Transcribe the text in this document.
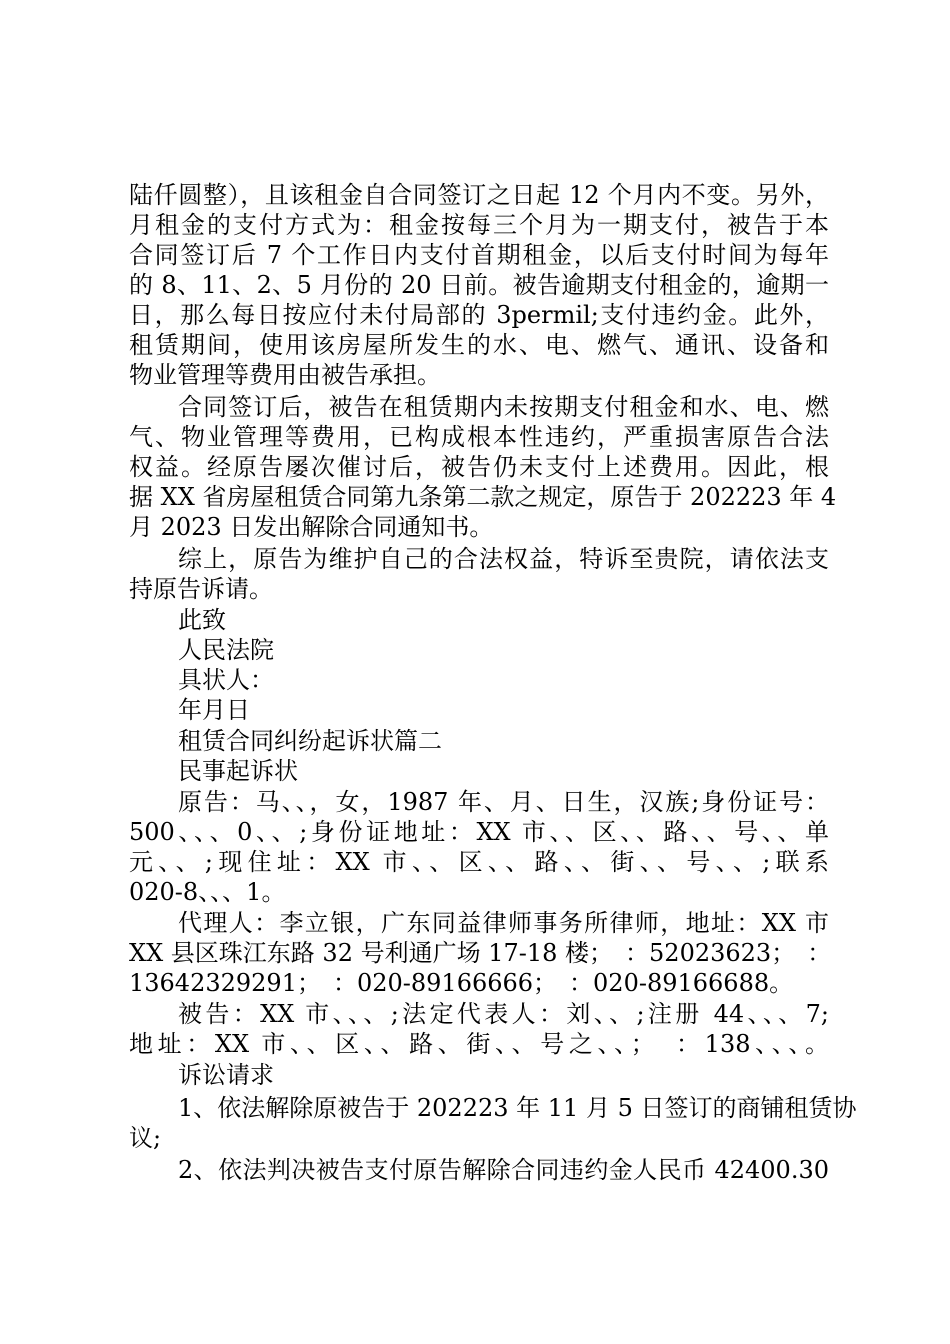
陆仟圆整），且该租金自合同签订之日起 12 个月内不变。另外，
月租金的支付方式为：租金按每三个月为一期支付，被告于本
合同签订后 7 个工作日内支付首期租金，以后支付时间为每年
的 8、11、2、5 月份的 20 日前。被告逾期支付租金的，逾期一
日，那么每日按应付未付局部的 3permil;支付违约金。此外，
租赁期间，使用该房屋所发生的水、电、燃气、通讯、设备和
物业管理等费用由被告承担。
合同签订后，被告在租赁期内未按期支付租金和水、电、燃
气、物业管理等费用，已构成根本性违约，严重损害原告合法
权益。经原告屡次催讨后，被告仍未支付上述费用。因此，根
据 XX 省房屋租赁合同第九条第二款之规定，原告于 202223 年 4
月 2023 日发出解除合同通知书。
综上，原告为维护自己的合法权益，特诉至贵院，请依法支
持原告诉请。
此致
人民法院
具状人：
年月日
租赁合同纠纷起诉状篇二
民事起诉状
原告：马、、，女，1987 年、月、日生，汉族;身份证号：
500、、、0、、;身份证地址：XX 市、、区、、路、、号、、单
元、、;现住址：XX 市、、区、、路、、街、、号、、;联系
020-8、、、1。
代理人：李立银，广东同益律师事务所律师，地址：XX 市
XX 县区珠江东路 32 号利通广场 17-18 楼；　：52023623；　：
13642329291；　：020-89166666；　：020-89166688。
被告：XX 市、、、;法定代表人：刘、、;注册 44、、、7;
地址：XX 市、、区、、路、街、、号之、、；　：138、、、。
诉讼请求
1、依法解除原被告于 202223 年 11 月 5 日签订的商铺租赁协
议;
2、依法判决被告支付原告解除合同违约金人民币 42400.30
